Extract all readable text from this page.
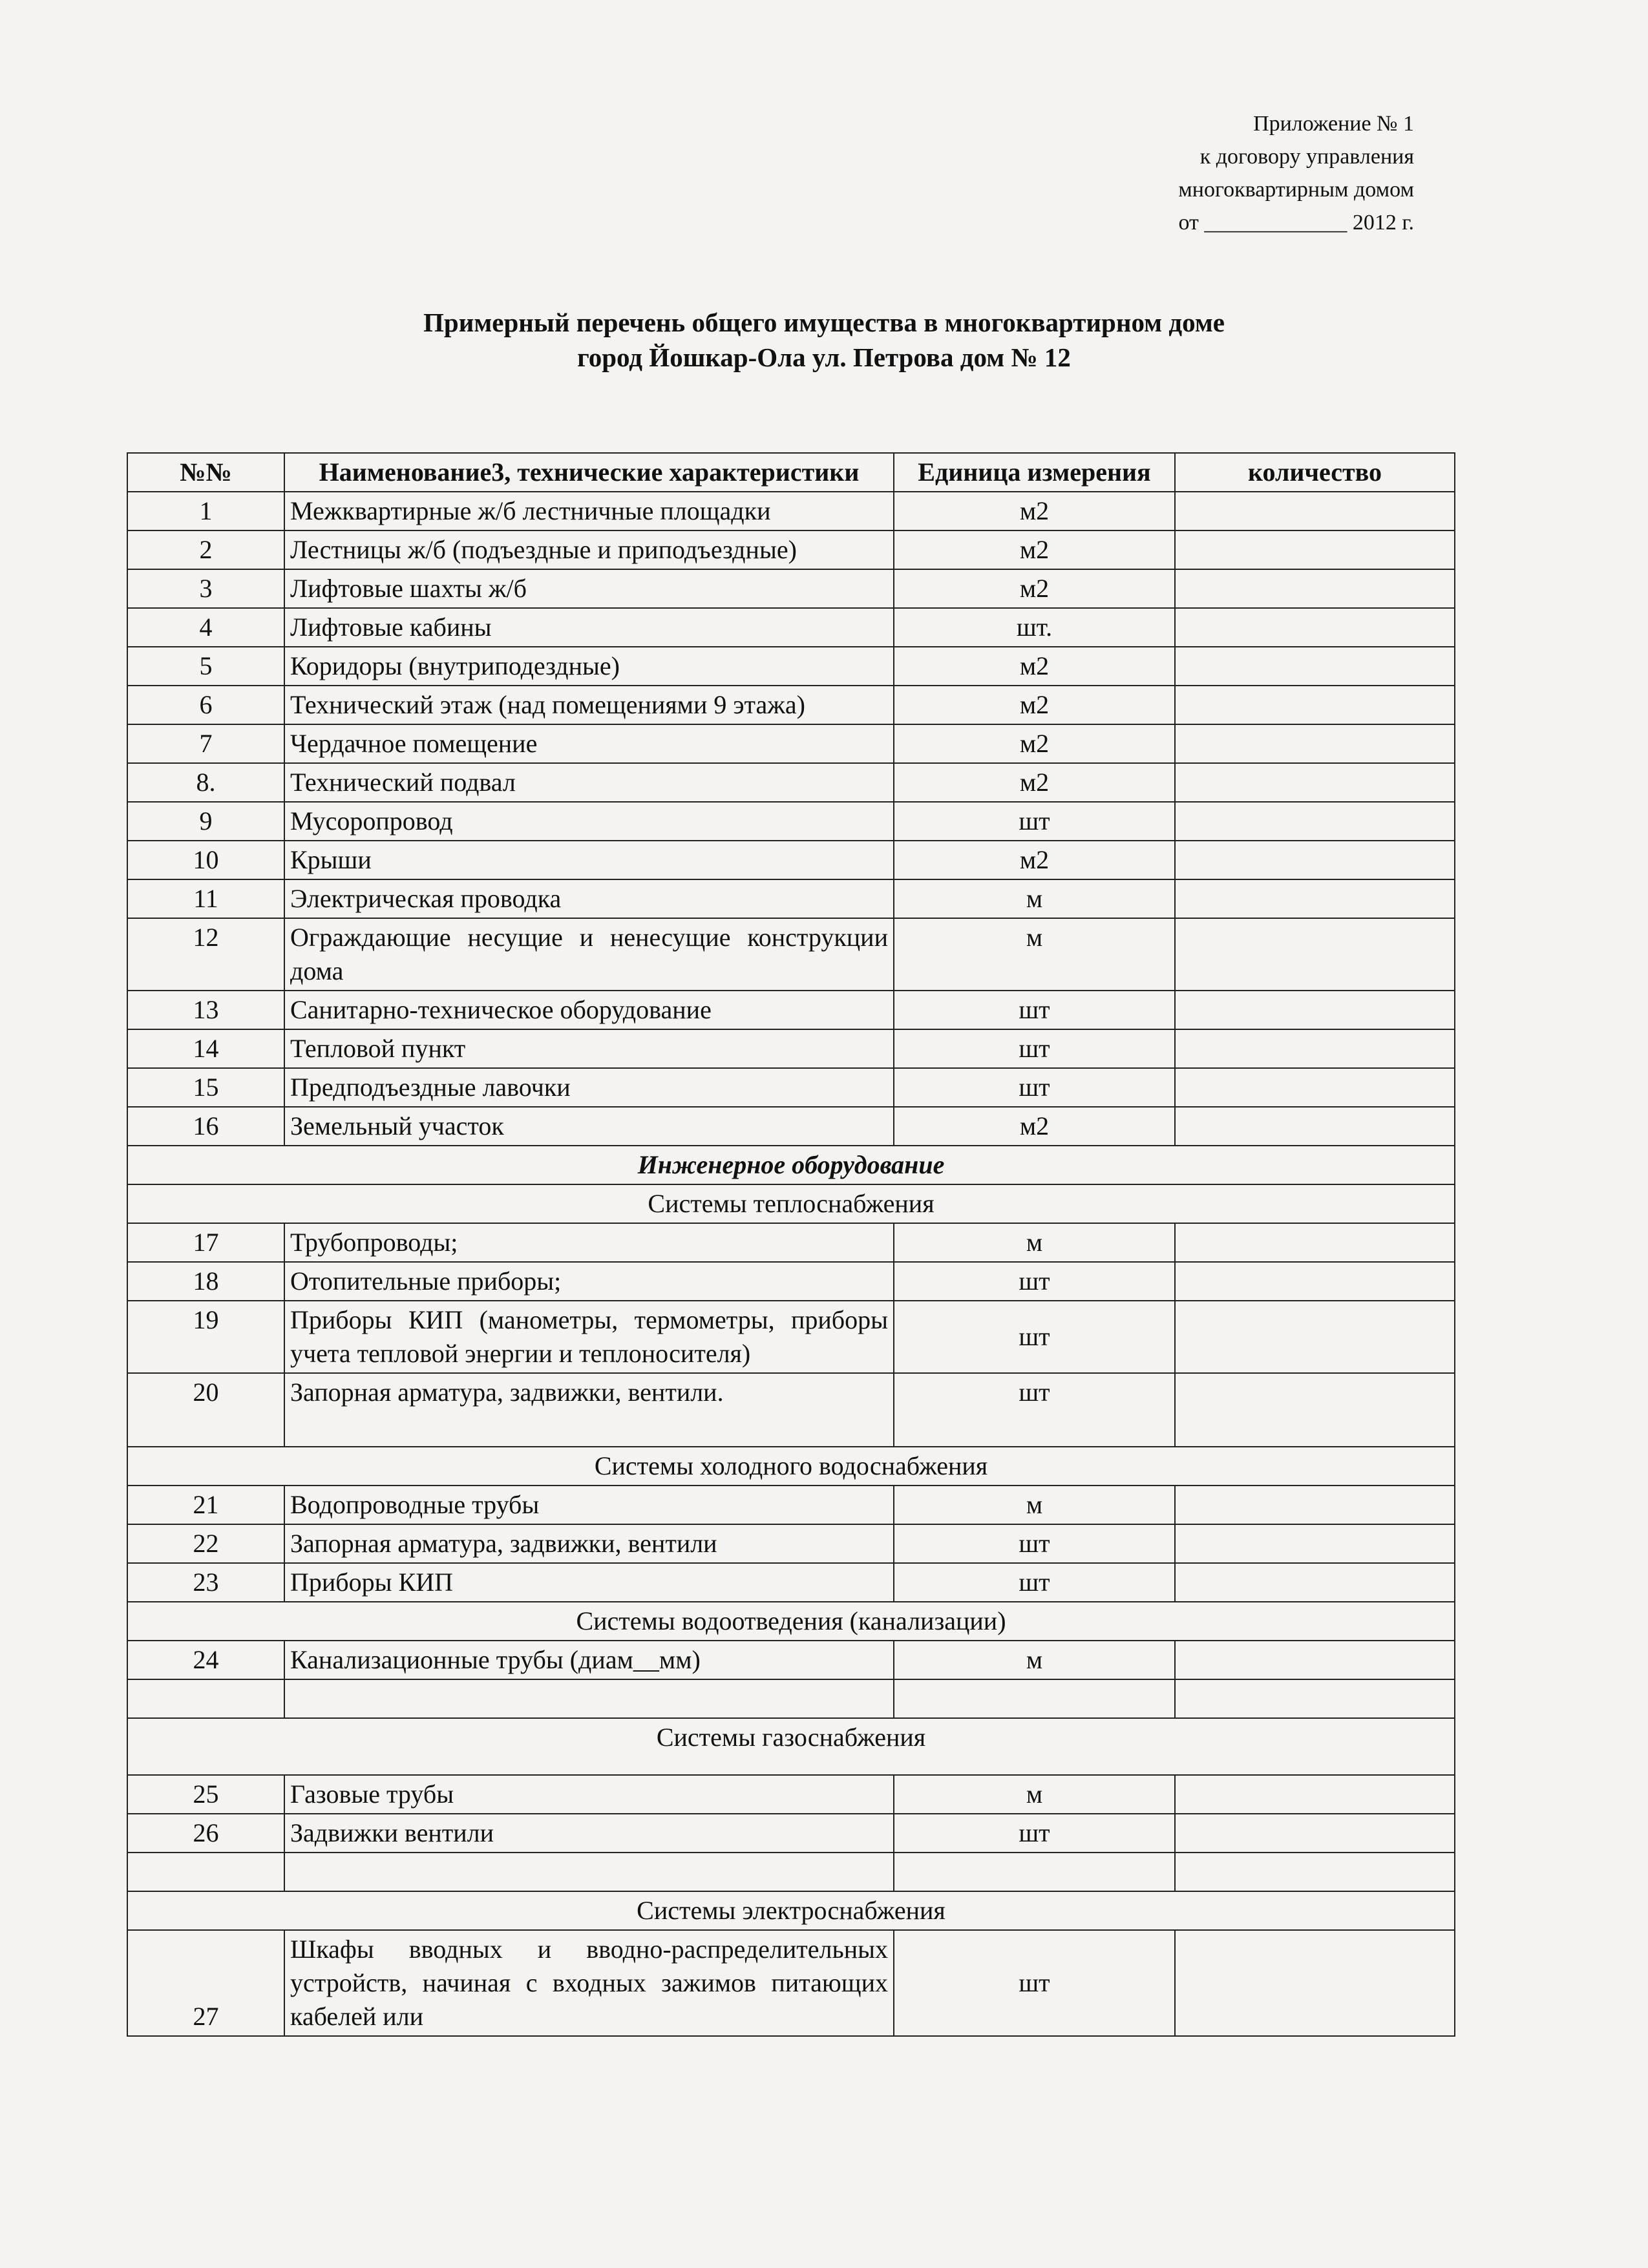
Приложение № 1
к договору управления
многоквартирным домом
от _____________ 2012 г.
Примерный перечень общего имущества в многоквартирном доме
город Йошкар-Ола ул. Петрова дом № 12
№№	Наименование3, технические характеристики	Единица измерения	количество
1	Межквартирные ж/б лестничные площадки	м2	
2	Лестницы ж/б (подъездные и приподъездные)	м2	
3	Лифтовые шахты ж/б	м2	
4	Лифтовые кабины	шт.	
5	Коридоры (внутриподездные)	м2	
6	Технический этаж (над помещениями 9 этажа)	м2	
7	Чердачное помещение	м2	
8.	Технический подвал	м2	
9	Мусоропровод	шт	
10	Крыши	м2	
11	Электрическая проводка	м	
12	Ограждающие несущие и ненесущие конструкции дома	м	
13	Санитарно-техническое оборудование	шт	
14	Тепловой пункт	шт	
15	Предподъездные лавочки	шт	
16	Земельный участок	м2	
Инженерное оборудование			
Системы теплоснабжения			
17	Трубопроводы;	м	
18	Отопительные приборы;	шт	
19	Приборы КИП (манометры, термометры, приборы учета тепловой энергии и теплоносителя)	шт	
20	Запорная арматура, задвижки, вентили.	шт	
Системы холодного водоснабжения			
21	Водопроводные трубы	м	
22	Запорная арматура, задвижки, вентили	шт	
23	Приборы КИП	шт	
Системы водоотведения (канализации)			
24	Канализационные трубы (диам__мм)	м	

Системы газоснабжения			
25	Газовые трубы	м	
26	Задвижки вентили	шт	

Системы электроснабжения			
27	Шкафы вводных и вводно-распределительных устройств, начиная с входных зажимов питающих кабелей или	шт	
